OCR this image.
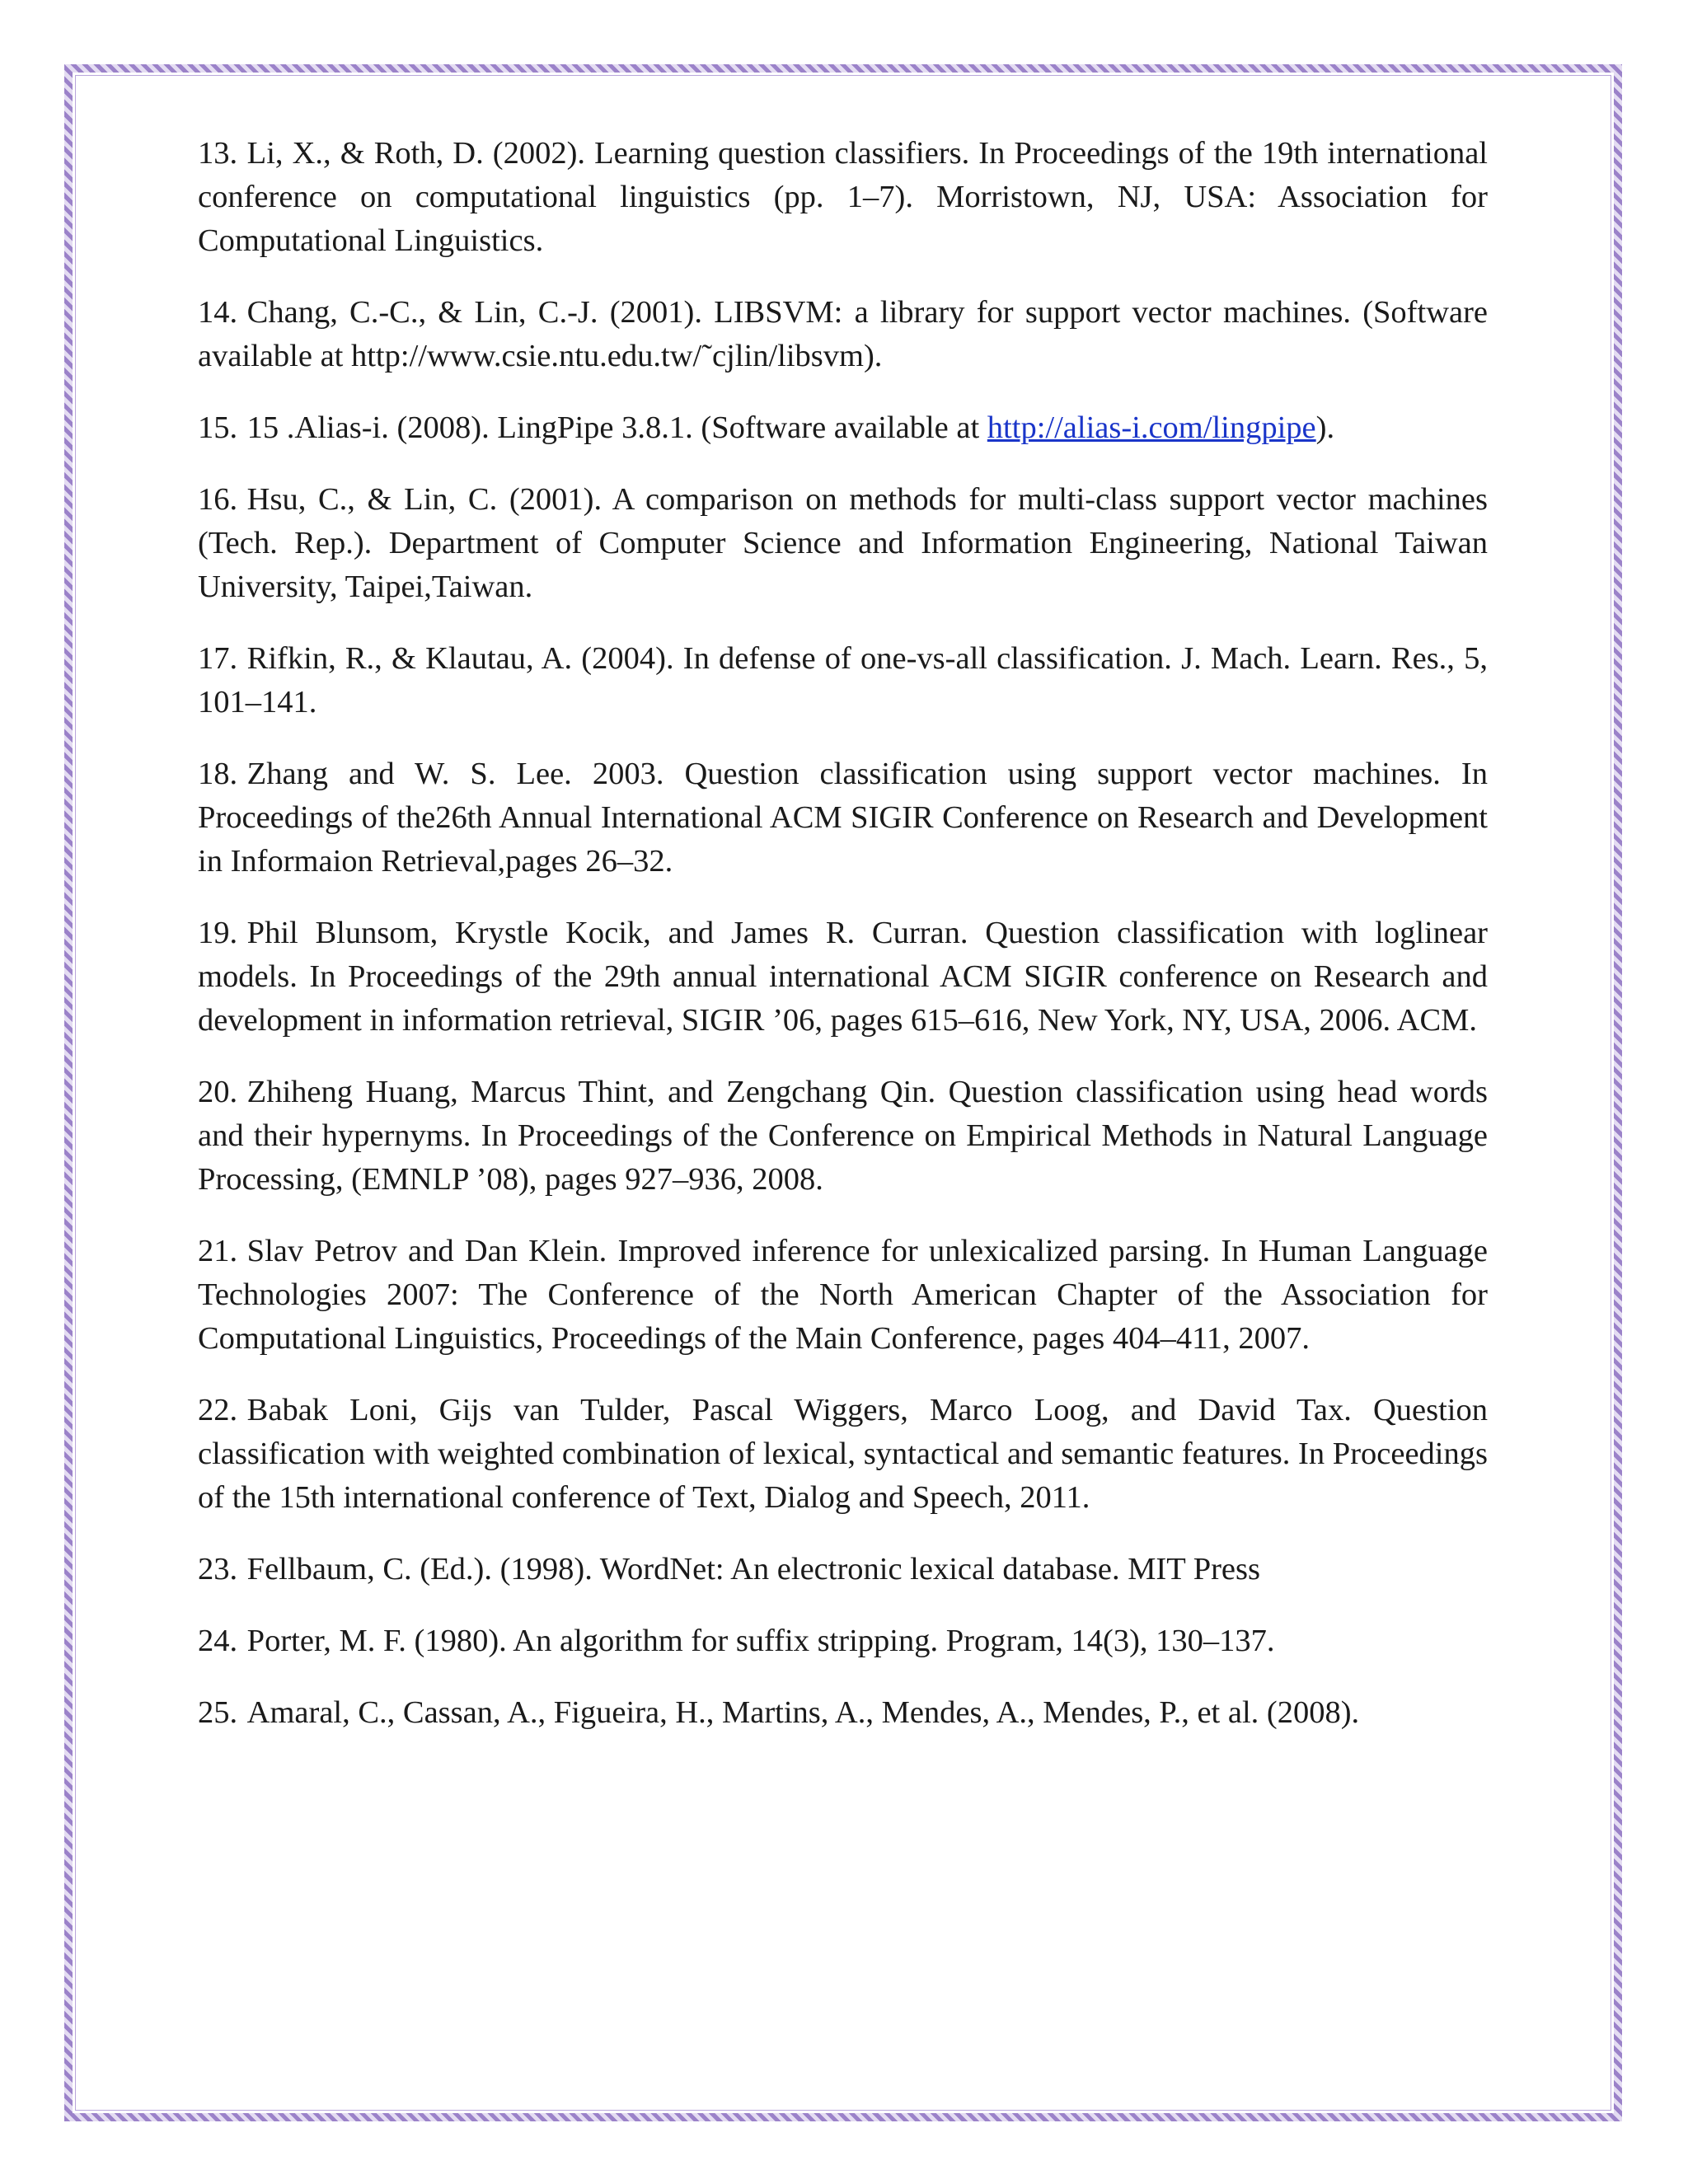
13. Li, X., & Roth, D. (2002). Learning question classifiers. In Proceedings of the 19th international conference on computational linguistics (pp. 1–7). Morristown, NJ, USA: Association for Computational Linguistics.
14. Chang, C.-C., & Lin, C.-J. (2001). LIBSVM: a library for support vector machines. (Software available at http://www.csie.ntu.edu.tw/˜cjlin/libsvm).
15. 15 .Alias-i. (2008). LingPipe 3.8.1. (Software available at http://alias-i.com/lingpipe).
16. Hsu, C., & Lin, C. (2001). A comparison on methods for multi-class support vector machines (Tech. Rep.). Department of Computer Science and Information Engineering, National Taiwan University, Taipei,Taiwan.
17. Rifkin, R., & Klautau, A. (2004). In defense of one-vs-all classification. J. Mach. Learn. Res., 5, 101–141.
18. Zhang and W. S. Lee. 2003. Question classification using support vector machines. In Proceedings of the26th Annual International ACM SIGIR Conference on Research and Development in Informaion Retrieval,pages 26–32.
19. Phil Blunsom, Krystle Kocik, and James R. Curran. Question classification with loglinear models. In Proceedings of the 29th annual international ACM SIGIR conference on Research and development in information retrieval, SIGIR ’06, pages 615–616, New York, NY, USA, 2006. ACM.
20. Zhiheng Huang, Marcus Thint, and Zengchang Qin. Question classification using head words and their hypernyms. In Proceedings of the Conference on Empirical Methods in Natural Language Processing, (EMNLP ’08), pages 927–936, 2008.
21. Slav Petrov and Dan Klein. Improved inference for unlexicalized parsing. In Human Language Technologies 2007: The Conference of the North American Chapter of the Association for Computational Linguistics, Proceedings of the Main Conference, pages 404–411, 2007.
22. Babak Loni, Gijs van Tulder, Pascal Wiggers, Marco Loog, and David Tax. Question classification with weighted combination of lexical, syntactical and semantic features. In Proceedings of the 15th international conference of Text, Dialog and Speech, 2011.
23. Fellbaum, C. (Ed.). (1998). WordNet: An electronic lexical database. MIT Press
24. Porter, M. F. (1980). An algorithm for suffix stripping. Program, 14(3), 130–137.
25. Amaral, C., Cassan, A., Figueira, H., Martins, A., Mendes, A., Mendes, P., et al. (2008).
